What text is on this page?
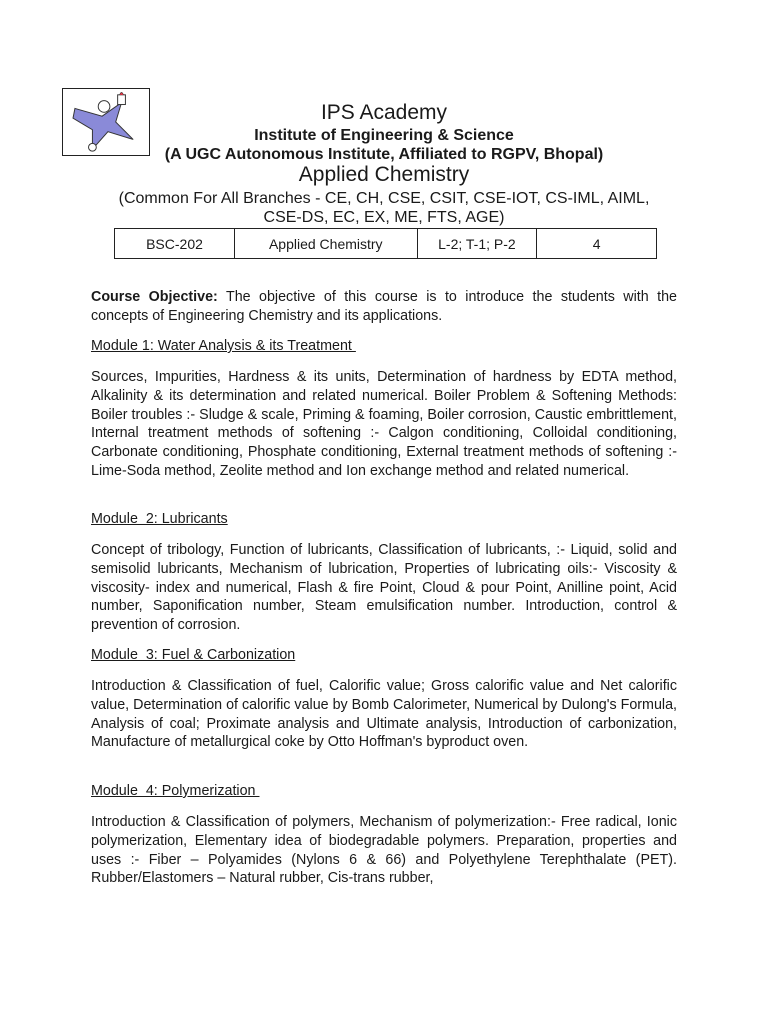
IPS Academy
Institute of Engineering & Science
(A UGC Autonomous Institute, Affiliated to RGPV, Bhopal)
Applied Chemistry
(Common For All Branches - CE, CH, CSE, CSIT, CSE-IOT, CS-IML, AIML, CSE-DS, EC, EX, ME, FTS, AGE)
BSC-202	Applied Chemistry	L-2; T-1; P-2	4
Course Objective: The objective of this course is to introduce the students with the concepts of Engineering Chemistry and its applications.
Module 1: Water Analysis & its Treatment
Sources, Impurities, Hardness & its units, Determination of hardness by EDTA method, Alkalinity & its determination and related numerical. Boiler Problem & Softening Methods: Boiler troubles :- Sludge & scale, Priming & foaming, Boiler corrosion, Caustic embrittlement, Internal treatment methods of softening :- Calgon conditioning, Colloidal conditioning, Carbonate conditioning, Phosphate conditioning, External treatment methods of softening :- Lime-Soda method, Zeolite method and Ion exchange method and related numerical.
Module  2: Lubricants
Concept of tribology, Function of lubricants, Classification of lubricants, :- Liquid, solid and semisolid lubricants, Mechanism of lubrication, Properties of lubricating oils:- Viscosity & viscosity- index and numerical, Flash & fire Point, Cloud & pour Point, Anilline point, Acid number, Saponification number, Steam emulsification number. Introduction, control & prevention of corrosion.
Module  3: Fuel & Carbonization
Introduction & Classification of fuel, Calorific value; Gross calorific value and Net calorific value, Determination of calorific value by Bomb Calorimeter, Numerical by Dulong's Formula, Analysis of coal; Proximate analysis and Ultimate analysis, Introduction of carbonization, Manufacture of metallurgical coke by Otto Hoffman's byproduct oven.
Module  4: Polymerization
Introduction & Classification of polymers, Mechanism of polymerization:- Free radical, Ionic polymerization, Elementary idea of biodegradable polymers. Preparation, properties and uses :- Fiber – Polyamides (Nylons 6 & 66) and Polyethylene Terephthalate (PET). Rubber/Elastomers – Natural rubber, Cis-trans rubber,
